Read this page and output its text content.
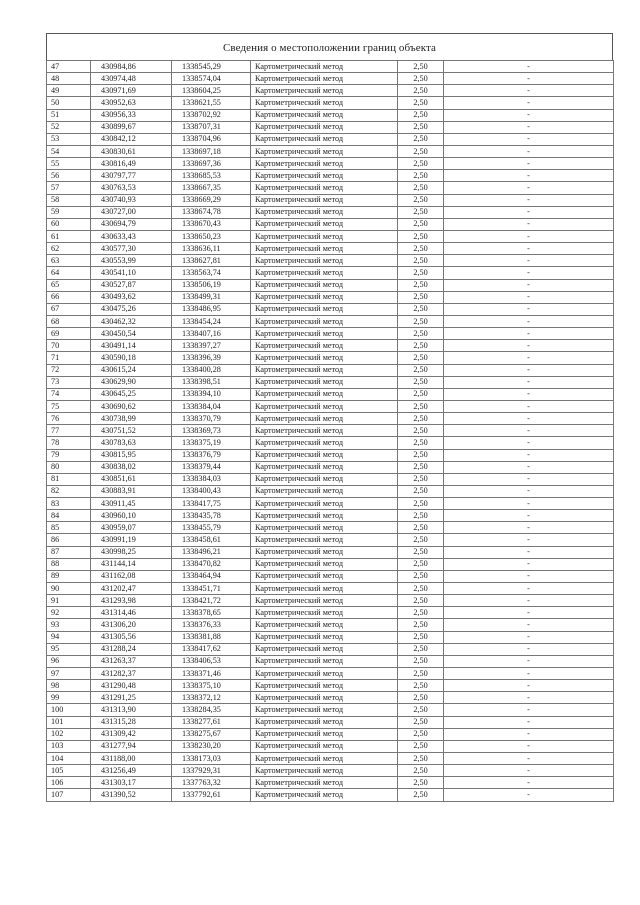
Сведения о местоположении границ объекта
47	430984,86	1338545,29	Картометрический метод	2,50	-
48	430974,48	1338574,04	Картометрический метод	2,50	-
49	430971,69	1338604,25	Картометрический метод	2,50	-
50	430952,63	1338621,55	Картометрический метод	2,50	-
51	430956,33	1338702,92	Картометрический метод	2,50	-
52	430899,67	1338707,31	Картометрический метод	2,50	-
53	430842,12	1338704,96	Картометрический метод	2,50	-
54	430830,61	1338697,18	Картометрический метод	2,50	-
55	430816,49	1338697,36	Картометрический метод	2,50	-
56	430797,77	1338685,53	Картометрический метод	2,50	-
57	430763,53	1338667,35	Картометрический метод	2,50	-
58	430740,93	1338669,29	Картометрический метод	2,50	-
59	430727,00	1338674,78	Картометрический метод	2,50	-
60	430694,79	1338670,43	Картометрический метод	2,50	-
61	430633,43	1338650,23	Картометрический метод	2,50	-
62	430577,30	1338636,11	Картометрический метод	2,50	-
63	430553,99	1338627,81	Картометрический метод	2,50	-
64	430541,10	1338563,74	Картометрический метод	2,50	-
65	430527,87	1338506,19	Картометрический метод	2,50	-
66	430493,62	1338499,31	Картометрический метод	2,50	-
67	430475,26	1338486,95	Картометрический метод	2,50	-
68	430462,32	1338454,24	Картометрический метод	2,50	-
69	430450,54	1338407,16	Картометрический метод	2,50	-
70	430491,14	1338397,27	Картометрический метод	2,50	-
71	430590,18	1338396,39	Картометрический метод	2,50	-
72	430615,24	1338400,28	Картометрический метод	2,50	-
73	430629,90	1338398,51	Картометрический метод	2,50	-
74	430645,25	1338394,10	Картометрический метод	2,50	-
75	430690,62	1338384,04	Картометрический метод	2,50	-
76	430738,99	1338370,79	Картометрический метод	2,50	-
77	430751,52	1338369,73	Картометрический метод	2,50	-
78	430783,63	1338375,19	Картометрический метод	2,50	-
79	430815,95	1338376,79	Картометрический метод	2,50	-
80	430838,02	1338379,44	Картометрический метод	2,50	-
81	430851,61	1338384,03	Картометрический метод	2,50	-
82	430883,91	1338400,43	Картометрический метод	2,50	-
83	430911,45	1338417,75	Картометрический метод	2,50	-
84	430960,10	1338435,78	Картометрический метод	2,50	-
85	430959,07	1338455,79	Картометрический метод	2,50	-
86	430991,19	1338458,61	Картометрический метод	2,50	-
87	430998,25	1338496,21	Картометрический метод	2,50	-
88	431144,14	1338470,82	Картометрический метод	2,50	-
89	431162,08	1338464,94	Картометрический метод	2,50	-
90	431202,47	1338451,71	Картометрический метод	2,50	-
91	431293,98	1338421,72	Картометрический метод	2,50	-
92	431314,46	1338378,65	Картометрический метод	2,50	-
93	431306,20	1338376,33	Картометрический метод	2,50	-
94	431305,56	1338381,88	Картометрический метод	2,50	-
95	431288,24	1338417,62	Картометрический метод	2,50	-
96	431263,37	1338406,53	Картометрический метод	2,50	-
97	431282,37	1338371,46	Картометрический метод	2,50	-
98	431290,48	1338375,10	Картометрический метод	2,50	-
99	431291,25	1338372,12	Картометрический метод	2,50	-
100	431313,90	1338284,35	Картометрический метод	2,50	-
101	431315,28	1338277,61	Картометрический метод	2,50	-
102	431309,42	1338275,67	Картометрический метод	2,50	-
103	431277,94	1338230,20	Картометрический метод	2,50	-
104	431188,00	1338173,03	Картометрический метод	2,50	-
105	431256,49	1337929,31	Картометрический метод	2,50	-
106	431303,17	1337763,32	Картометрический метод	2,50	-
107	431390,52	1337792,61	Картометрический метод	2,50	-
